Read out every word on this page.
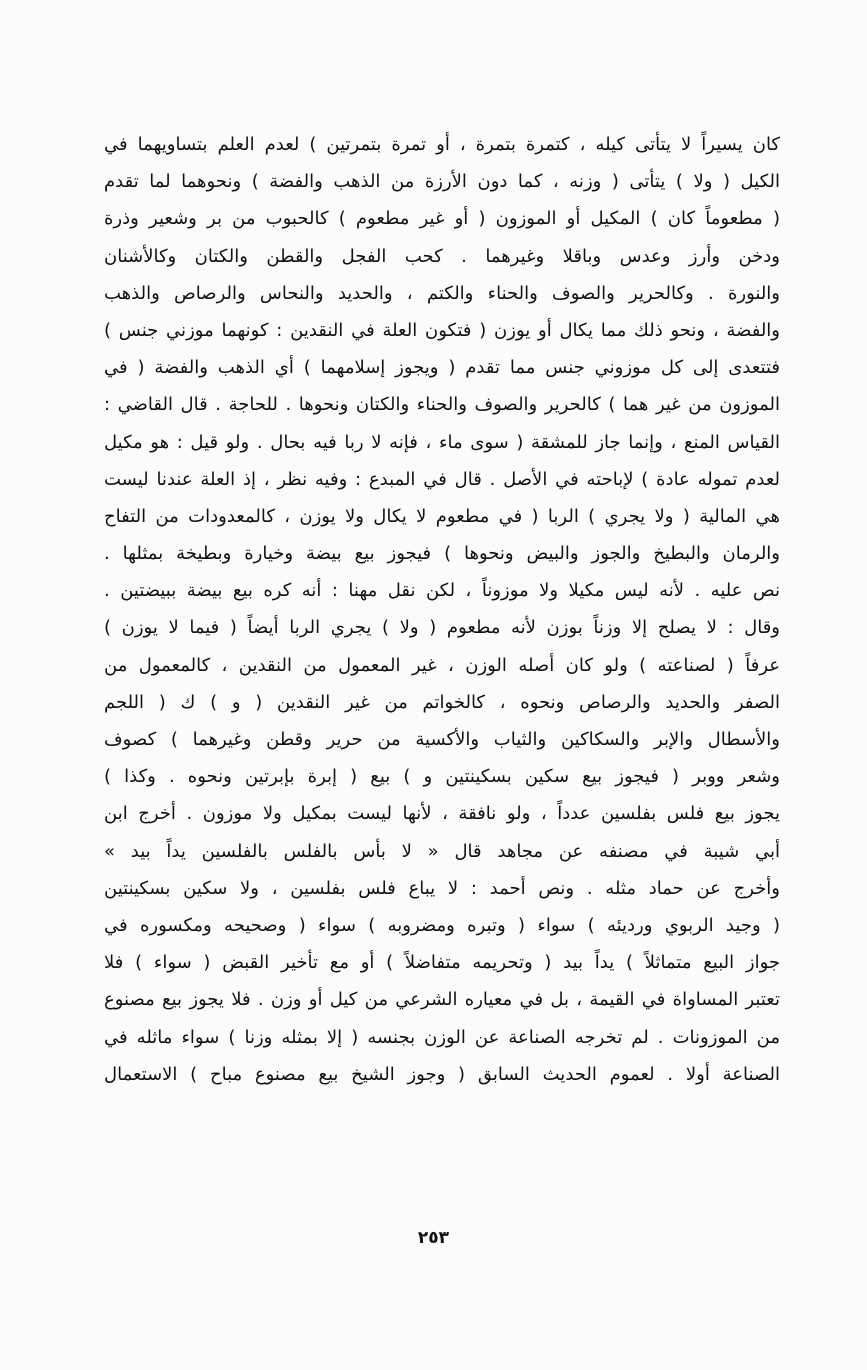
كان يسيراً لا يتأتى كيله ، كتمرة بتمرة ، أو تمرة بتمرتين ) لعدم العلم بتساويهما في
الكيل ( ولا ) يتأتى ( وزنه ، كما دون الأرزة من الذهب والفضة ) ونحوهما لما تقدم
( مطعوماً كان ) المكيل أو الموزون ( أو غير مطعوم ) كالحبوب من بر وشعير وذرة
ودخن وأرز وعدس وباقلا وغيرهما . كحب الفجل والقطن والكتان وكالأشنان
والنورة . وكالحرير والصوف والحناء والكتم ، والحديد والنحاس والرصاص والذهب
والفضة ، ونحو ذلك مما يكال أو يوزن ( فتكون العلة في النقدين : كونهما موزني جنس )
فتتعدى إلى كل موزوني جنس مما تقدم ( ويجوز إسلامهما ) أي الذهب والفضة ( في
الموزون من غير هما ) كالحرير والصوف والحناء والكتان ونحوها . للحاجة . قال القاضي :
القياس المنع ، وإنما جاز للمشقة ( سوى ماء ، فإنه لا ربا فيه بحال . ولو قيل : هو مكيل
لعدم تموله عادة ) لإباحته في الأصل . قال في المبدع : وفيه نظر ، إذ العلة عندنا ليست
هي المالية ( ولا يجري ) الربا ( في مطعوم لا يكال ولا يوزن ، كالمعدودات من التفاح
والرمان والبطيخ والجوز والبيض ونحوها ) فيجوز بيع بيضة وخيارة وبطيخة بمثلها .
نص عليه . لأنه ليس مكيلا ولا موزوناً ، لكن نقل مهنا : أنه كره بيع بيضة ببيضتين .
وقال : لا يصلح إلا وزناً بوزن لأنه مطعوم ( ولا ) يجري الربا أيضاً ( فيما لا يوزن )
عرفاً ( لصناعته ) ولو كان أصله الوزن ، غير المعمول من النقدين ، كالمعمول من
الصفر والحديد والرصاص ونحوه ، كالخواتم من غير النقدين ( و ) ك ( اللجم
والأسطال والإبر والسكاكين والثياب والأكسية من حرير وقطن وغيرهما ) كصوف
وشعر ووبر ( فيجوز بيع سكين بسكينتين و ) بيع ( إبرة بإبرتين ونحوه . وكذا )
يجوز بيع فلس بفلسين عدداً ، ولو نافقة ، لأنها ليست بمكيل ولا موزون . أخرج ابن
أبي شيبة في مصنفه عن مجاهد قال « لا بأس بالفلس بالفلسين يداً بيد »
وأخرج عن حماد مثله . ونص أحمد : لا يباع فلس بفلسين ، ولا سكين بسكينتين
( وجيد الربوي ورديئه ) سواء ( وتبره ومضروبه ) سواء ( وصحيحه ومكسوره في
جواز البيع متماثلاً ) يداً بيد ( وتحريمه متفاضلاً ) أو مع تأخير القبض ( سواء ) فلا
تعتبر المساواة في القيمة ، بل في معياره الشرعي من كيل أو وزن . فلا يجوز بيع مصنوع
من الموزونات . لم تخرجه الصناعة عن الوزن بجنسه ( إلا بمثله وزنا ) سواء ماثله في
الصناعة أولا . لعموم الحديث السابق ( وجوز الشيخ بيع مصنوع مباح ) الاستعمال
٢٥٣
